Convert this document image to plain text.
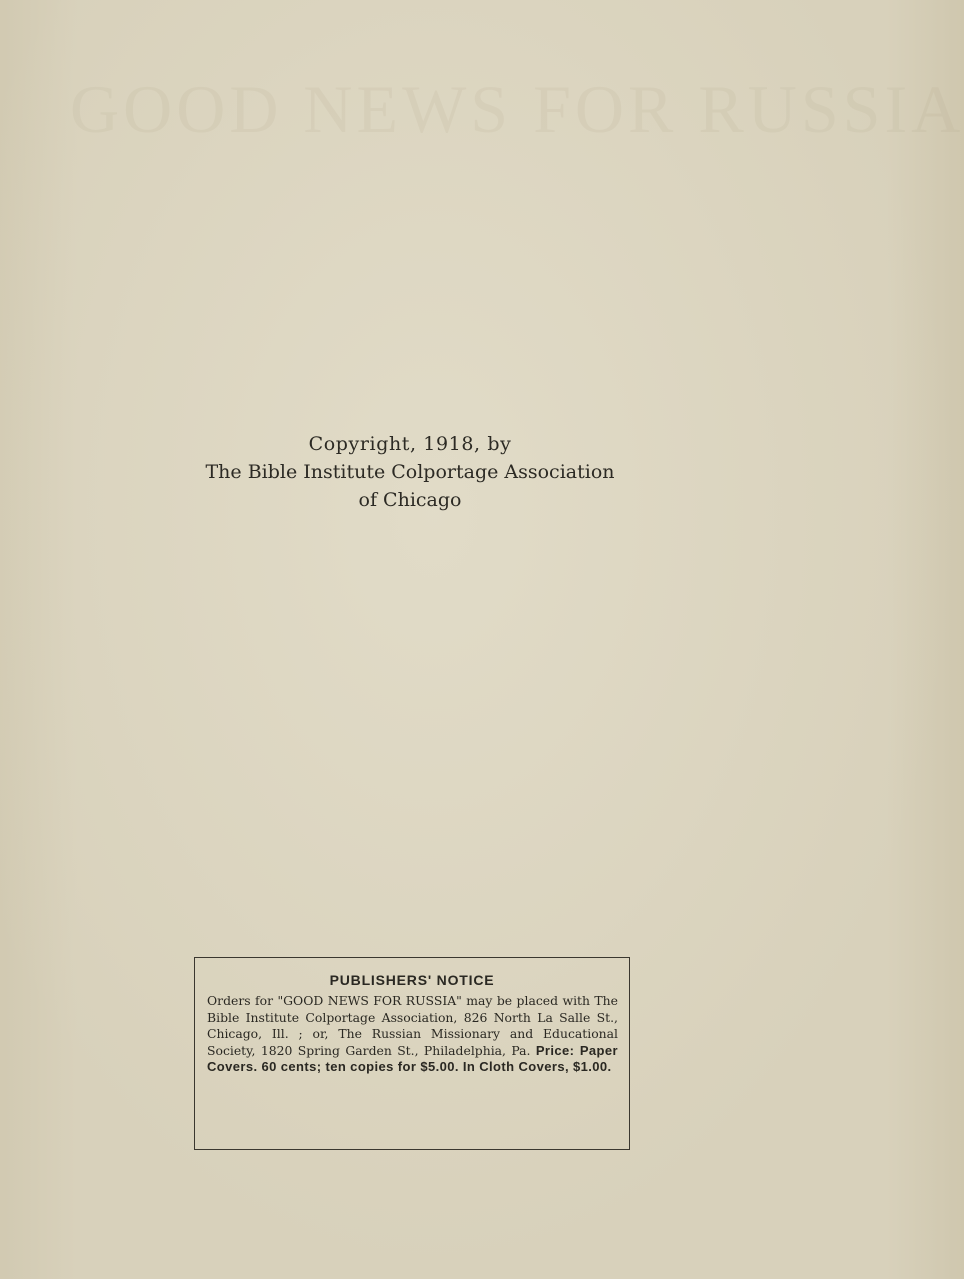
GOOD NEWS FOR RUSSIA
Copyright, 1918, by
The Bible Institute Colportage Association
of Chicago
PUBLISHERS' NOTICE
Orders for "GOOD NEWS FOR RUSSIA" may be placed with The Bible Institute Colportage Association, 826 North La Salle St., Chicago, Ill. ; or, The Russian Missionary and Educational Society, 1820 Spring Garden St., Philadelphia, Pa. Price: Paper Covers. 60 cents; ten copies for $5.00. In Cloth Covers, $1.00.
